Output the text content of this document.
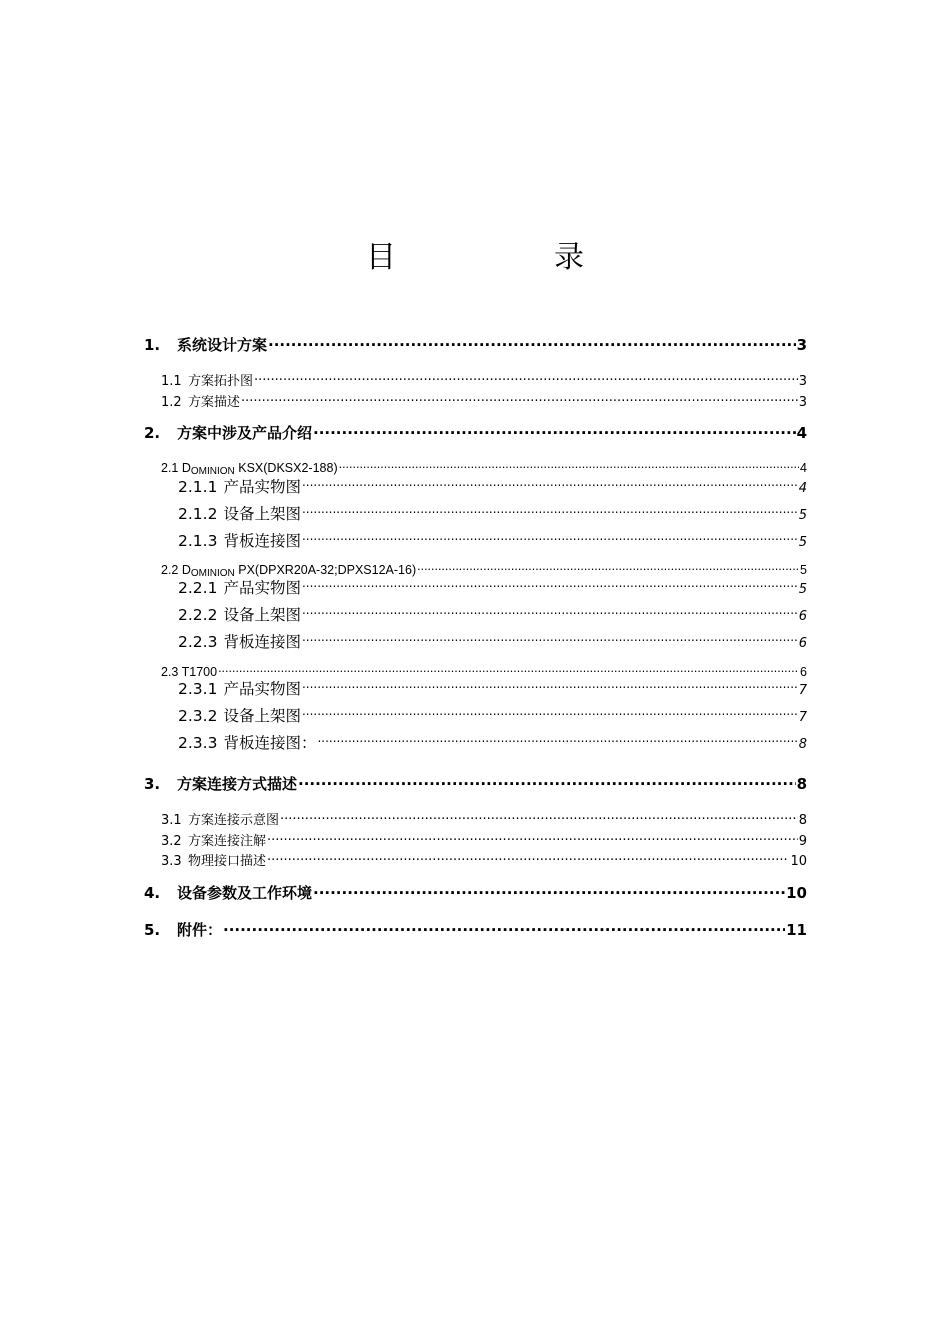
目　录
1.	系统设计方案 .....	3
1.1 方案拓扑图 .....	3
1.2 方案描述 .....	3
2.	方案中涉及产品介绍 .....	4
2.1 DOMINION KSX(DKSX2-188) .....	4
2.1.1 产品实物图 .....	4
2.1.2 设备上架图 .....	5
2.1.3 背板连接图 .....	5
2.2 DOMINION PX(DPXR20A-32;DPXS12A-16) .....	5
2.2.1 产品实物图 .....	5
2.2.2 设备上架图 .....	6
2.2.3 背板连接图 .....	6
2.3 T1700 .....	6
2.3.1 产品实物图 .....	7
2.3.2 设备上架图 .....	7
2.3.3 背板连接图： .....	8
3.	方案连接方式描述 .....	8
3.1 方案连接示意图 .....	8
3.2 方案连接注解 .....	9
3.3 物理接口描述 .....	10
4.	设备参数及工作环境 .....	10
5.	附件： .....	11
